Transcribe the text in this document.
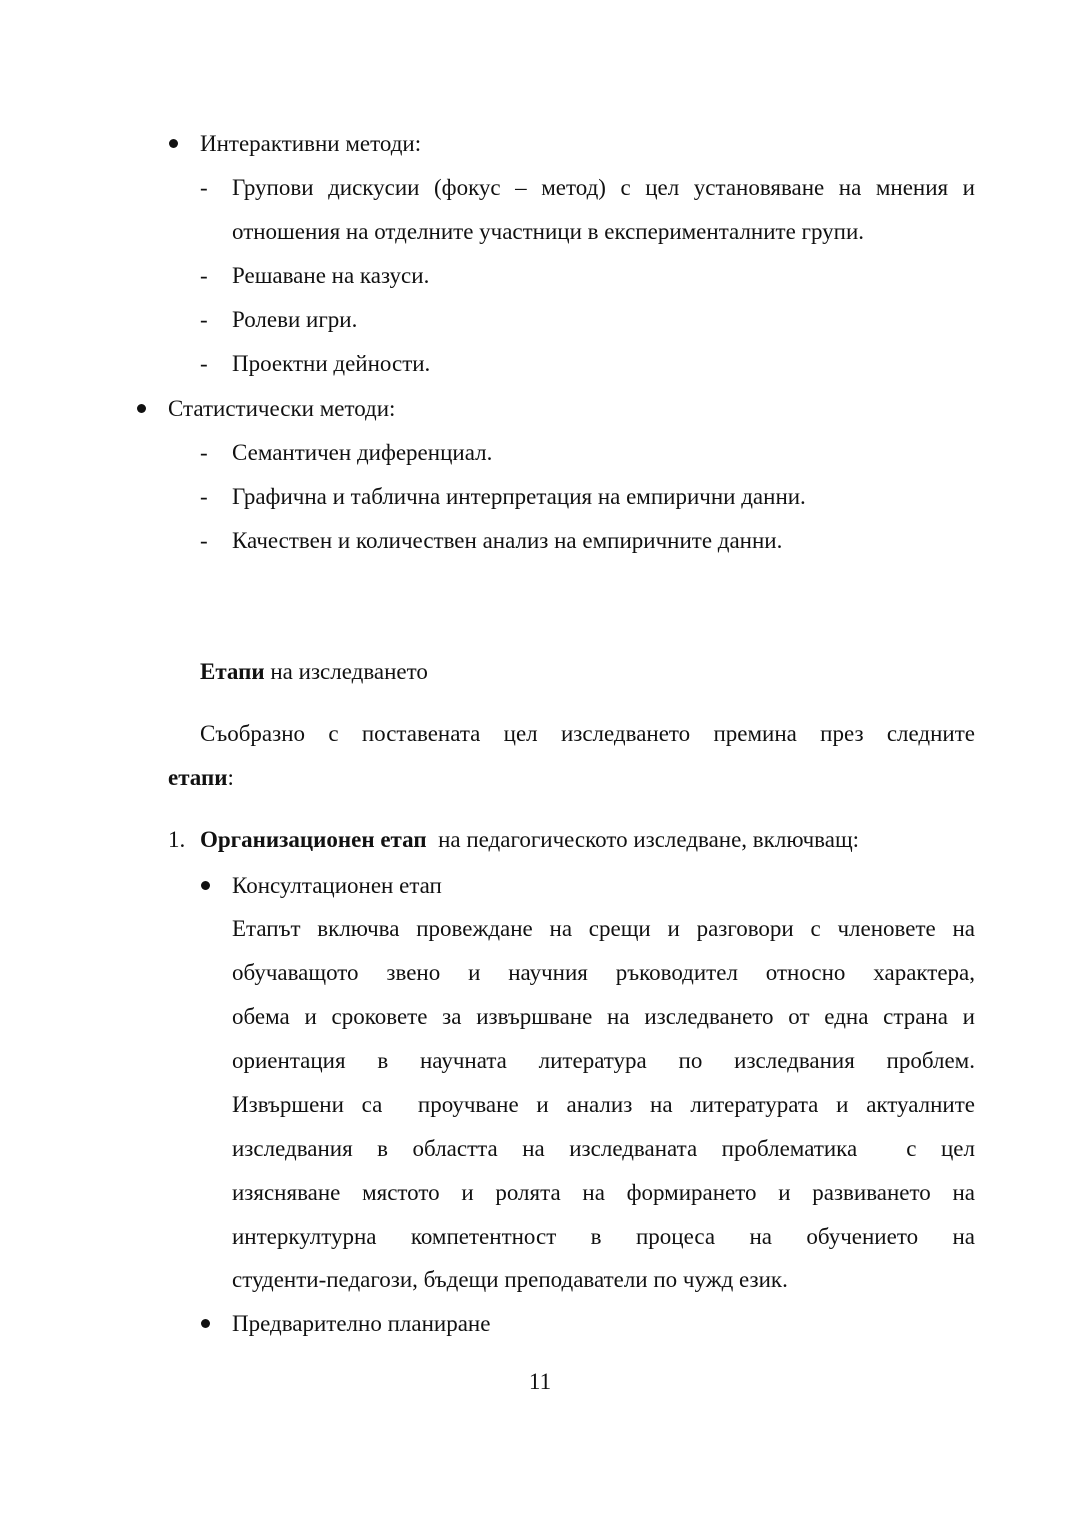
Интерактивни методи:
- Групови дискусии (фокус – метод) с цел установяване на мнения и
отношения на отделните участници в експерименталните групи.
- Решаване на казуси.
- Ролеви игри.
- Проектни дейности.
Статистически методи:
- Семантичен диференциал.
- Графична и таблична интерпретация на емпирични данни.
- Качествен и количествен анализ на емпиричните данни.
Етапи на изследването
Съобразно с поставената цел изследването премина през следните
етапи:
1. Организационен етап  на педагогическото изследване, включващ:
Консултационен етап
Етапът включва провеждане на срещи и разговори с членовете на
обучаващото звено и научния ръководител относно характера,
обема и сроковете за извършване на изследването от една страна и
ориентация в научната литература по изследвания проблем.
Извършени са  проучване и анализ на литературата и актуалните
изследвания в областта на изследваната проблематика  с цел
изясняване мястото и ролята на формирането и развиването на
интеркултурна компетентност в процеса на обучението на
студенти-педагози, бъдещи преподаватели по чужд език.
Предварително планиране
11
